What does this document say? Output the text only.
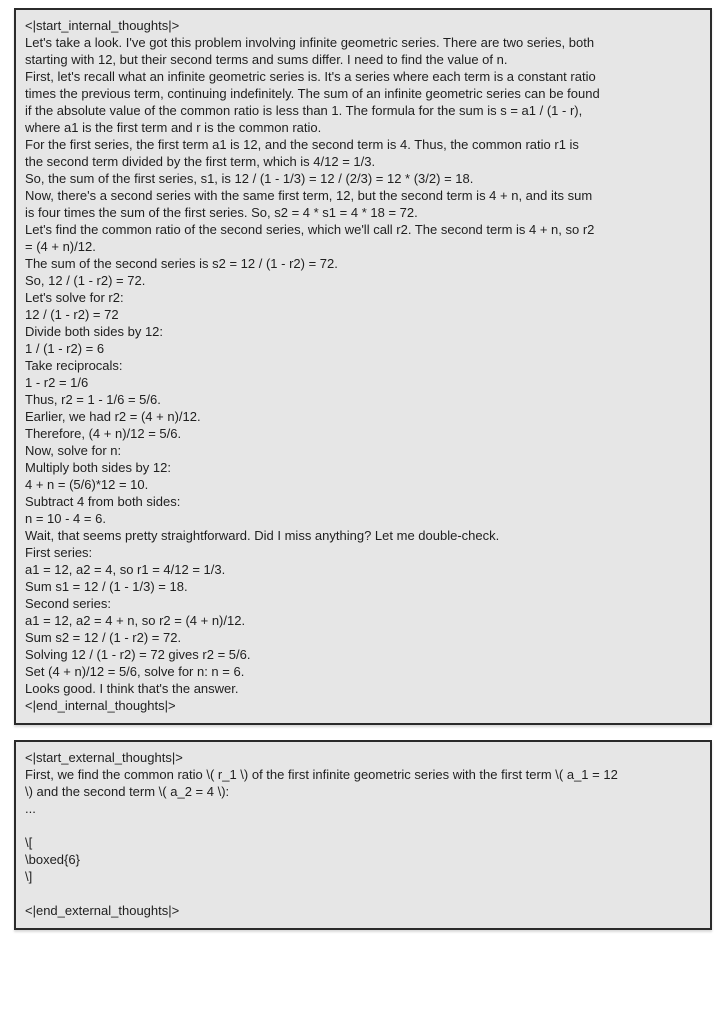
<|start_internal_thoughts|>
Let's take a look. I've got this problem involving infinite geometric series. There are two series, both
starting with 12, but their second terms and sums differ. I need to find the value of n.
First, let's recall what an infinite geometric series is. It's a series where each term is a constant ratio
times the previous term, continuing indefinitely. The sum of an infinite geometric series can be found
if the absolute value of the common ratio is less than 1. The formula for the sum is s = a1 / (1 - r),
where a1 is the first term and r is the common ratio.
For the first series, the first term a1 is 12, and the second term is 4. Thus, the common ratio r1 is
the second term divided by the first term, which is 4/12 = 1/3.
So, the sum of the first series, s1, is 12 / (1 - 1/3) = 12 / (2/3) = 12 * (3/2) = 18.
Now, there's a second series with the same first term, 12, but the second term is 4 + n, and its sum
is four times the sum of the first series. So, s2 = 4 * s1 = 4 * 18 = 72.
Let's find the common ratio of the second series, which we'll call r2. The second term is 4 + n, so r2
= (4 + n)/12.
The sum of the second series is s2 = 12 / (1 - r2) = 72.
So, 12 / (1 - r2) = 72.
Let's solve for r2:
12 / (1 - r2) = 72
Divide both sides by 12:
1 / (1 - r2) = 6
Take reciprocals:
1 - r2 = 1/6
Thus, r2 = 1 - 1/6 = 5/6.
Earlier, we had r2 = (4 + n)/12.
Therefore, (4 + n)/12 = 5/6.
Now, solve for n:
Multiply both sides by 12:
4 + n = (5/6)*12 = 10.
Subtract 4 from both sides:
n = 10 - 4 = 6.
Wait, that seems pretty straightforward. Did I miss anything? Let me double-check.
First series:
a1 = 12, a2 = 4, so r1 = 4/12 = 1/3.
Sum s1 = 12 / (1 - 1/3) = 18.
Second series:
a1 = 12, a2 = 4 + n, so r2 = (4 + n)/12.
Sum s2 = 12 / (1 - r2) = 72.
Solving 12 / (1 - r2) = 72 gives r2 = 5/6.
Set (4 + n)/12 = 5/6, solve for n: n = 6.
Looks good. I think that's the answer.
<|end_internal_thoughts|>
<|start_external_thoughts|>
First, we find the common ratio \( r_1 \) of the first infinite geometric series with the first term \( a_1 = 12
\) and the second term \( a_2 = 4 \):
...

\[
\boxed{6}
\]

<|end_external_thoughts|>
